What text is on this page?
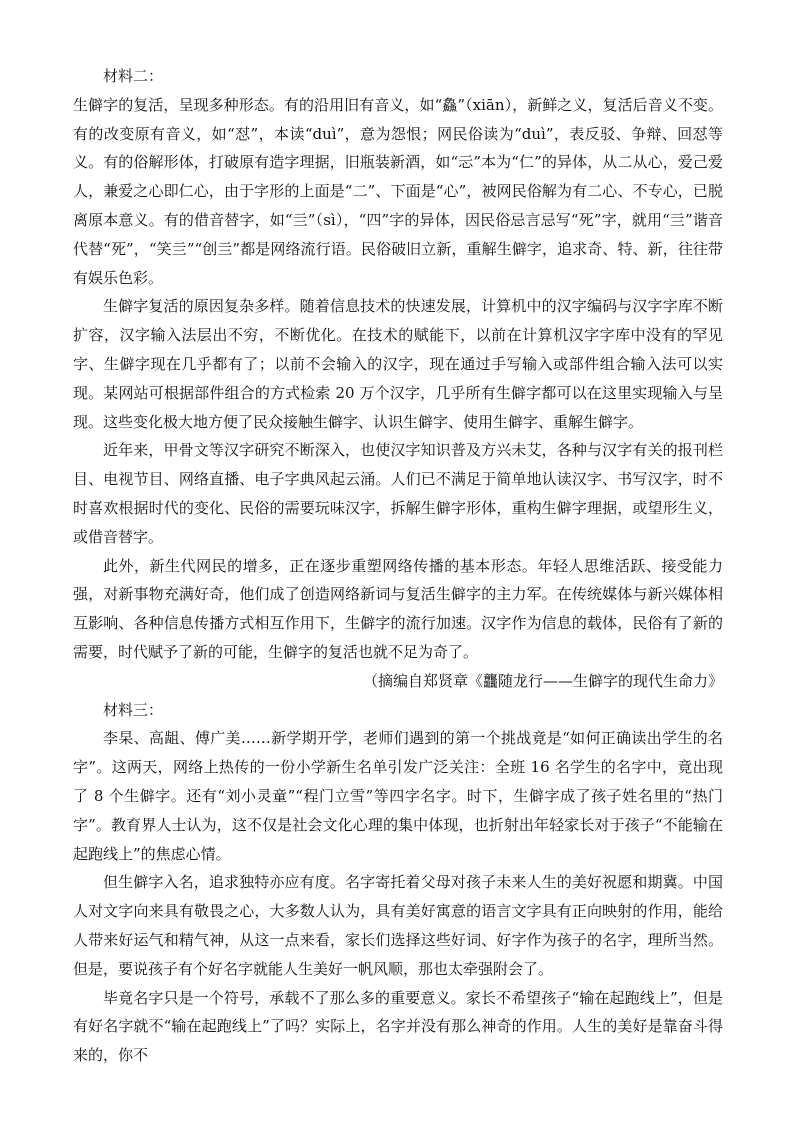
材料二：

生僻字的复活，呈现多种形态。有的沿用旧有音义，如“鱻”（xiān），新鲜之义，复活后音义不变。有的改变原有音义，如“怼”，本读“duì”，意为怨恨；网民俗读为“duì”，表反驳、争辩、回怼等义。有的俗解形体，打破原有造字理据，旧瓶装新酒，如“忈”本为“仁”的异体，从二从心，爱己爱人，兼爱之心即仁心，由于字形的上面是“二”、下面是“心”，被网民俗解为有二心、不专心，已脱离原本意义。有的借音替字，如“亖”（sì），“四”字的异体，因民俗忌言忌写“死”字，就用“亖”谐音代替“死”，“笑亖”“创亖”都是网络流行语。民俗破旧立新，重解生僻字，追求奇、特、新，往往带有娱乐色彩。

生僻字复活的原因复杂多样。随着信息技术的快速发展，计算机中的汉字编码与汉字字库不断扩容，汉字输入法层出不穷，不断优化。在技术的赋能下，以前在计算机汉字字库中没有的罕见字、生僻字现在几乎都有了；以前不会输入的汉字，现在通过手写输入或部件组合输入法可以实现。某网站可根据部件组合的方式检索 20 万个汉字，几乎所有生僻字都可以在这里实现输入与呈现。这些变化极大地方便了民众接触生僻字、认识生僻字、使用生僻字、重解生僻字。

近年来，甲骨文等汉字研究不断深入，也使汉字知识普及方兴未艾，各种与汉字有关的报刊栏目、电视节目、网络直播、电子字典风起云涌。人们已不满足于简单地认读汉字、书写汉字，时不时喜欢根据时代的变化、民俗的需要玩味汉字，拆解生僻字形体，重构生僻字理据，或望形生义，或借音替字。

此外，新生代网民的增多，正在逐步重塑网络传播的基本形态。年轻人思维活跃、接受能力强，对新事物充满好奇，他们成了创造网络新词与复活生僻字的主力军。在传统媒体与新兴媒体相互影响、各种信息传播方式相互作用下，生僻字的流行加速。汉字作为信息的载体，民俗有了新的需要，时代赋予了新的可能，生僻字的复活也就不足为奇了。

（摘编自郑贤章《龘随龙行——生僻字的现代生命力》

材料三：

李杲、高龃、傅广美……新学期开学，老师们遇到的第一个挑战竟是“如何正确读出学生的名字”。这两天，网络上热传的一份小学新生名单引发广泛关注：全班 16 名学生的名字中，竟出现了 8 个生僻字。还有“刘小灵童”“程门立雪”等四字名字。时下，生僻字成了孩子姓名里的“热门字”。教育界人士认为，这不仅是社会文化心理的集中体现，也折射出年轻家长对于孩子“不能输在起跑线上”的焦虑心情。

但生僻字入名，追求独特亦应有度。名字寄托着父母对孩子未来人生的美好祝愿和期冀。中国人对文字向来具有敬畏之心，大多数人认为，具有美好寓意的语言文字具有正向映射的作用，能给人带来好运气和精气神，从这一点来看，家长们选择这些好词、好字作为孩子的名字，理所当然。但是，要说孩子有个好名字就能人生美好一帆风顺，那也太牵强附会了。

毕竟名字只是一个符号，承载不了那么多的重要意义。家长不希望孩子“输在起跑线上”，但是有好名字就不“输在起跑线上”了吗？实际上，名字并没有那么神奇的作用。人生的美好是靠奋斗得来的，你不
